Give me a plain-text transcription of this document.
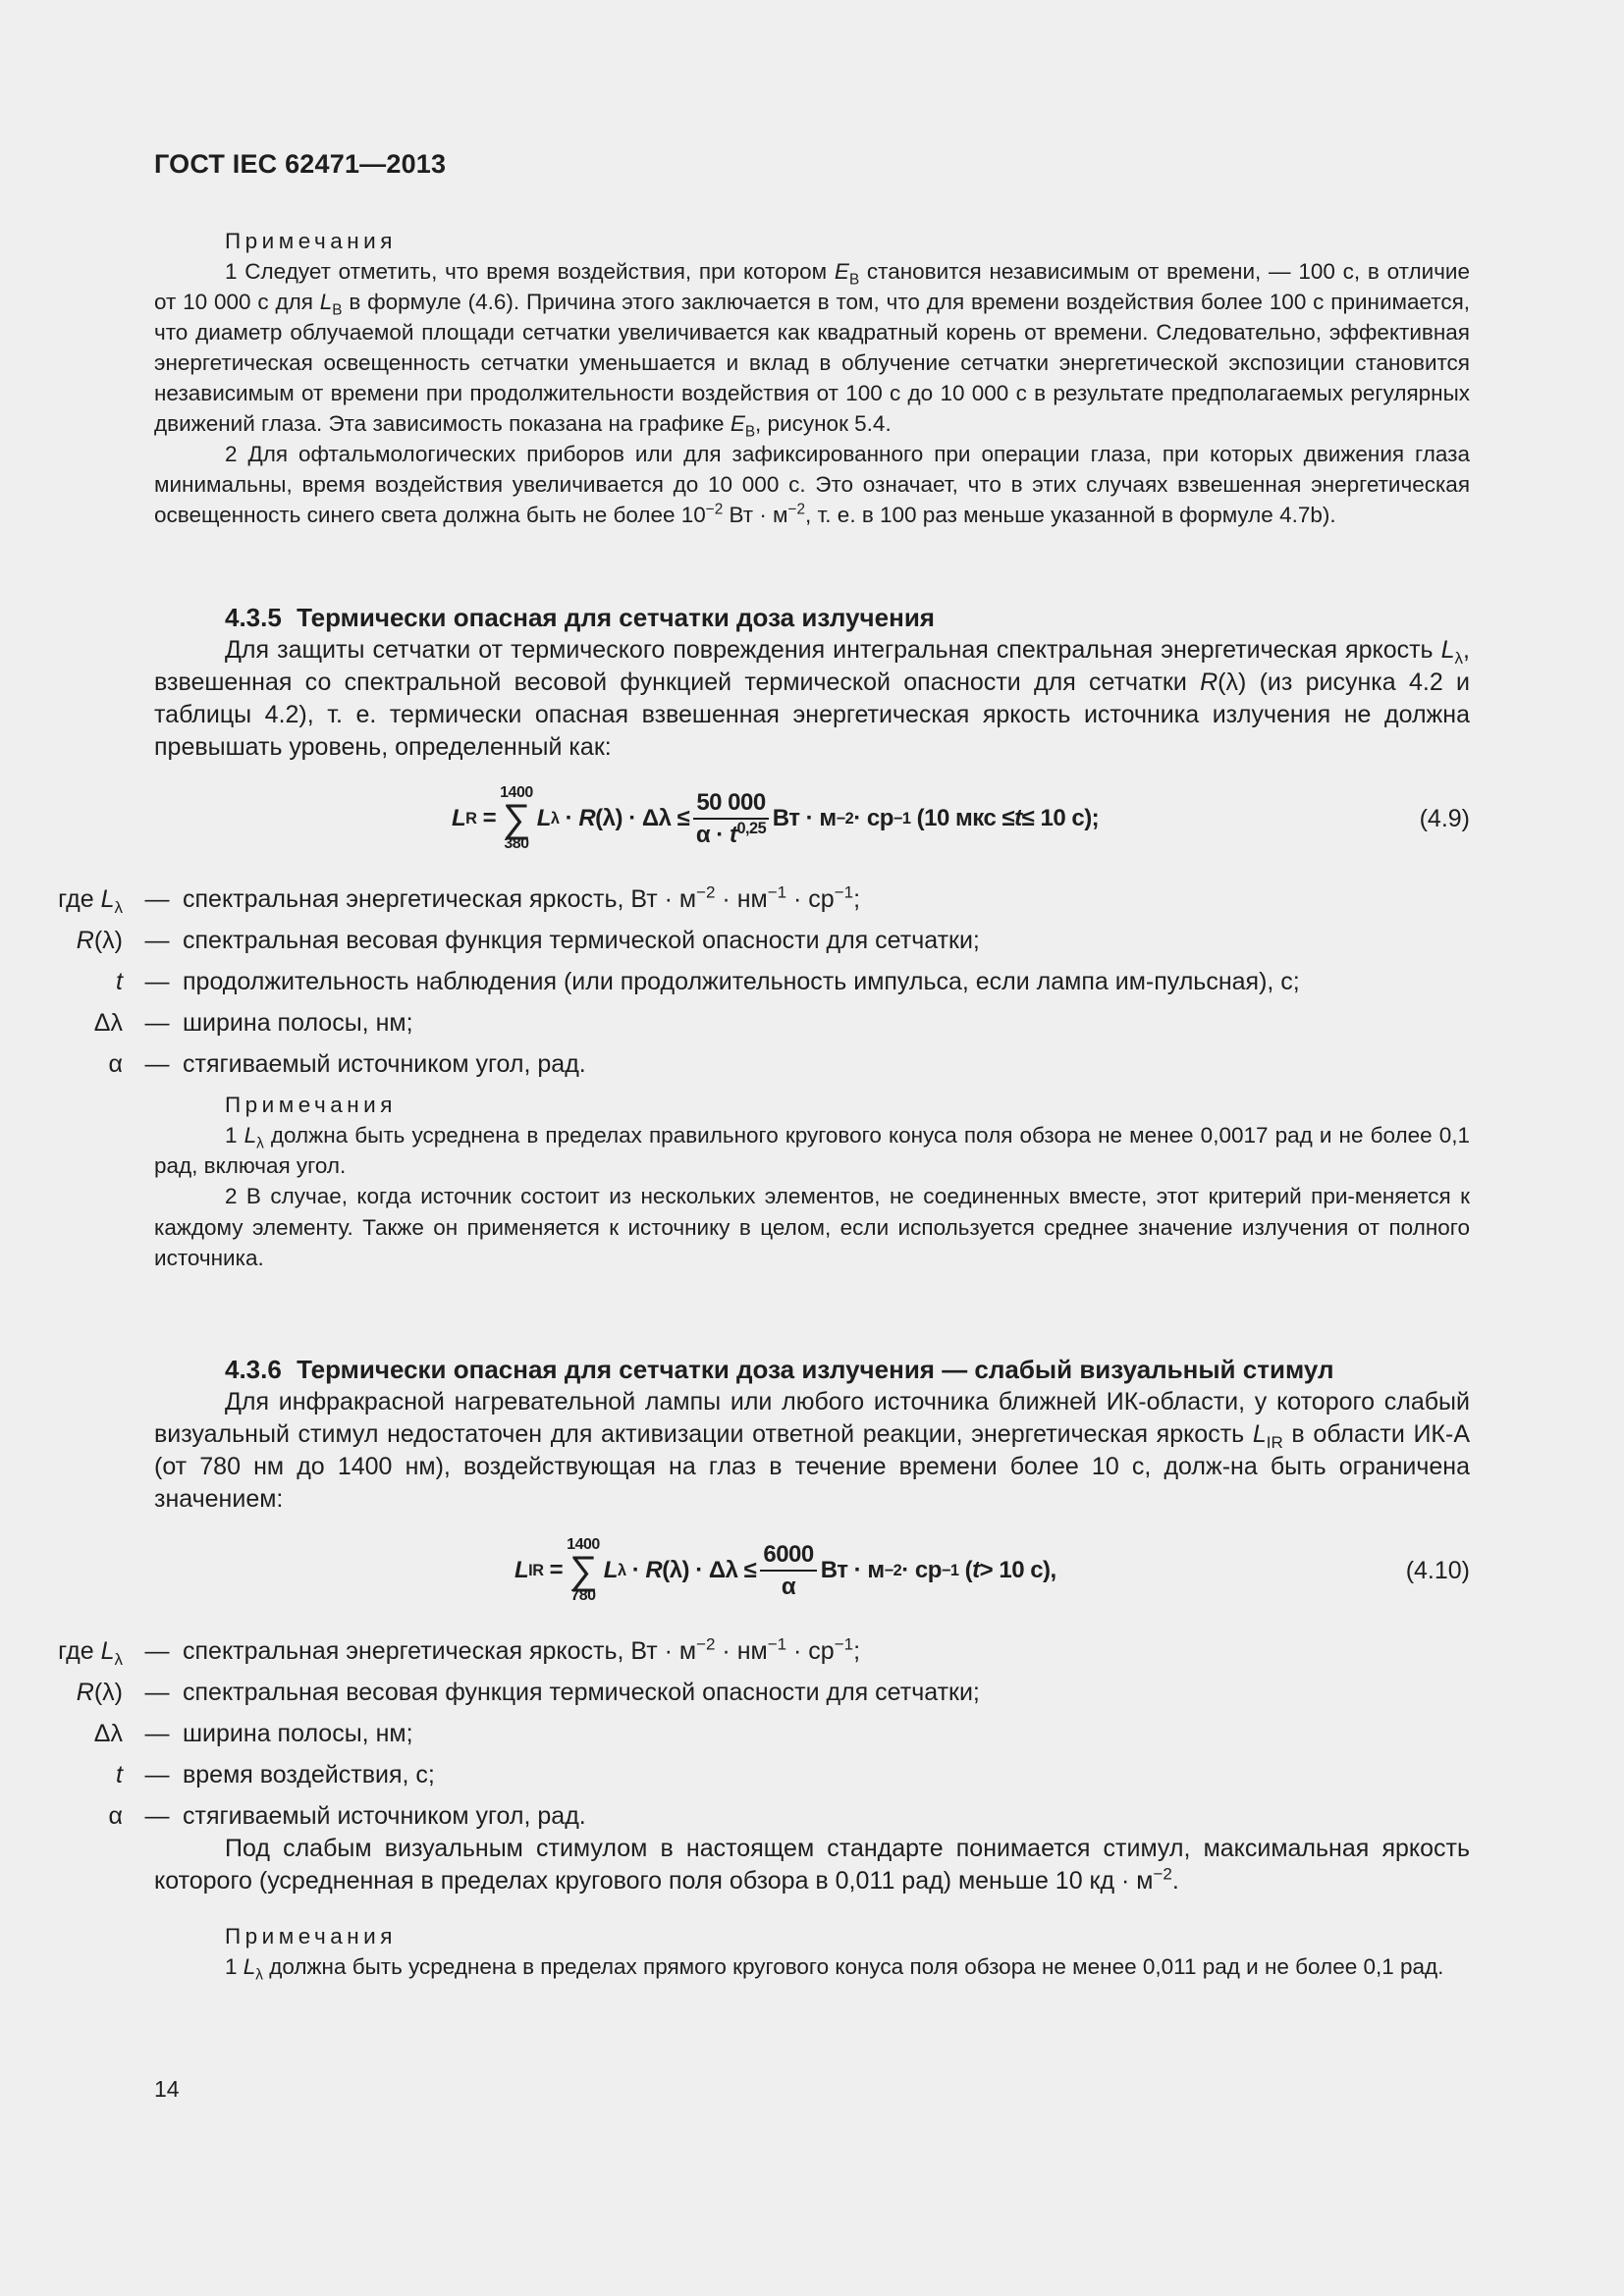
ГОСТ IEC 62471—2013

Примечания

1 Следует отметить, что время воздействия, при котором $E_B$ становится независимым от времени, — 100 с, в отличие от 10 000 с для $L_B$ в формуле (4.6). Причина этого заключается в том, что для времени воздействия более 100 с принимается, что диаметр облучаемой площади сетчатки увеличивается как квадратный корень от времени. Следовательно, эффективная энергетическая освещенность сетчатки уменьшается и вклад в облучение сетчатки энергетической экспозиции становится независимым от времени при продолжительности воздействия от 100 с до 10 000 с в результате предполагаемых регулярных движений глаза. Эта зависимость показана на графике $E_B$, рисунок 5.4.

2 Для офтальмологических приборов или для зафиксированного при операции глаза, при которых движения глаза минимальны, время воздействия увеличивается до 10 000 с. Это означает, что в этих случаях взвешенная энергетическая освещенность синего света должна быть не более $10^{-2}$ Вт · $м^{-2}$, т. е. в 100 раз меньше указанной в формуле 4.7b).

4.3.5 Термически опасная для сетчатки доза излучения

Для защиты сетчатки от термического повреждения интегральная спектральная энергетическая яркость $L_\lambda$, взвешенная со спектральной весовой функцией термической опасности для сетчатки R(λ) (из рисунка 4.2 и таблицы 4.2), т. е. термически опасная взвешенная энергетическая яркость источника излучения не должна превышать уровень, определенный как:

L R
=
1400
∑
380
L λ
·
R (λ)
·
Δλ
≤ $\frac{50 000}{\alpha \cdot t^{0,25}}$ Вт · м −2 · ср −1
(10 мкс ≤ t ≤ 10 с);	(4.9)
где $L_\lambda$ — спектральная энергетическая яркость, Вт · $м^{-2} \cdot нм^{-1} \cdot ср^{-1}$;
R(λ) — спектральная весовая функция термической опасности для сетчатки;
t — продолжительность наблюдения (или продолжительность импульса, если лампа им-пульсная), с;
Δλ — ширина полосы, нм;
α — стягиваемый источником угол, рад.

Примечания

1 $L_\lambda$ должна быть усреднена в пределах правильного кругового конуса поля обзора не менее 0,0017 рад и не более 0,1 рад, включая угол.

2 В случае, когда источник состоит из нескольких элементов, не соединенных вместе, этот критерий при-меняется к каждому элементу. Также он применяется к источнику в целом, если используется среднее значение излучения от полного источника.

4.3.6 Термически опасная для сетчатки доза излучения — слабый визуальный стимул

Для инфракрасной нагревательной лампы или любого источника ближней ИК-области, у которого слабый визуальный стимул недостаточен для активизации ответной реакции, энергетическая яркость $L_{IR}$ в области ИК-А (от 780 нм до 1400 нм), воздействующая на глаз в течение времени более 10 с, долж-на быть ограничена значением:

L IR
=
1400
∑
780
L λ
·
R (λ)
·
Δλ
≤ $\frac{6000}{\alpha}$ Вт · м −2 · ср −1
( t > 10 с),	(4.10)
где $L_\lambda$ — спектральная энергетическая яркость, Вт · $м^{-2} \cdot нм^{-1} \cdot ср^{-1}$;
R(λ) — спектральная весовая функция термической опасности для сетчатки;
Δλ — ширина полосы, нм;
t — время воздействия, с;
α — стягиваемый источником угол, рад.

Под слабым визуальным стимулом в настоящем стандарте понимается стимул, максимальная яркость которого (усредненная в пределах кругового поля обзора в 0,011 рад) меньше 10 кд · $м^{-2}$.

Примечания

1 $L_\lambda$ должна быть усреднена в пределах прямого кругового конуса поля обзора не менее 0,011 рад и не более 0,1 рад.

14
